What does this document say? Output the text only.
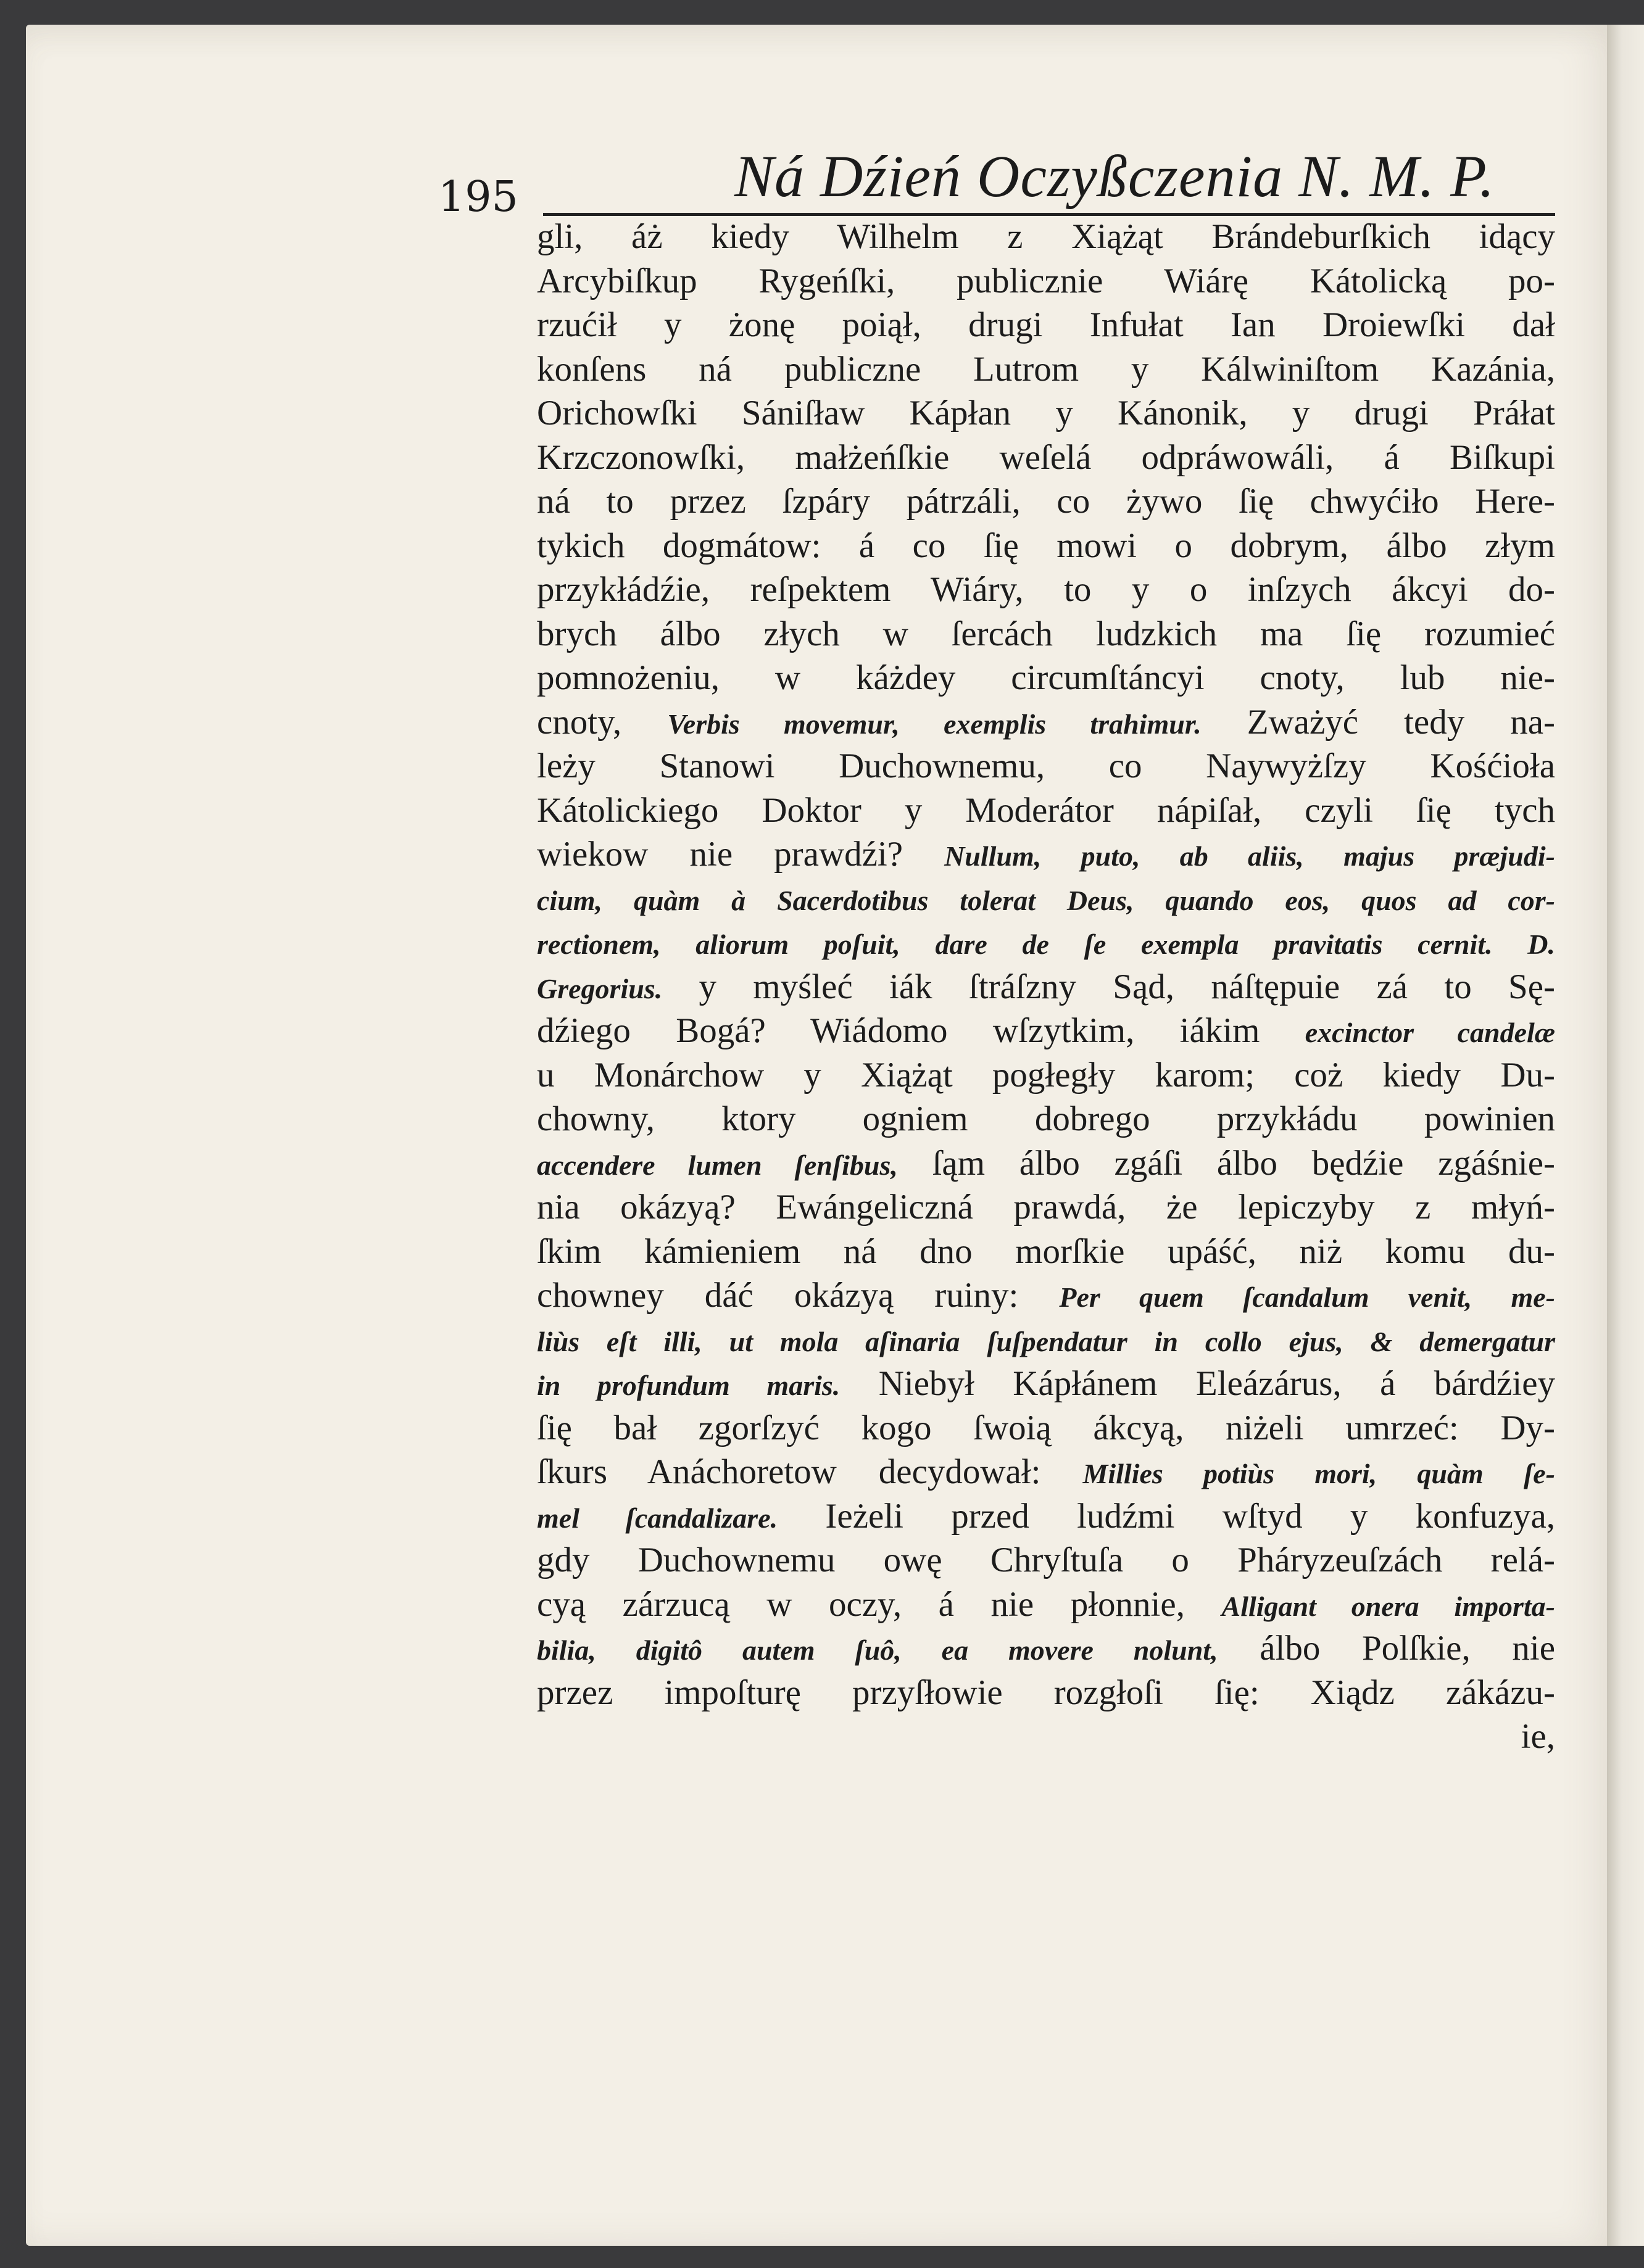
195	Ná Dźień Oczyßczenia N. M. P.
gli, áż kiedy Wilhelm z Xiążąt Brándeburſkich idący
Arcybiſkup Rygeńſki, publicznie Wiárę Kátolicką po-
rzućił y żonę poiął, drugi Infułat Ian Droiewſki dał
konſens ná publiczne Lutrom y Kálwiniſtom Kazánia,
Orichowſki Sániſław Kápłan y Kánonik, y drugi Práłat
Krzczonowſki, małżeńſkie weſelá odpráwowáli, á Biſkupi
ná to przez ſzpáry pátrzáli, co żywo ſię chwyćiło Here-
tykich dogmátow: á co ſię mowi o dobrym, álbo złym
przykłádźie, reſpektem Wiáry, to y o inſzych ákcyi do-
brych álbo złych w ſercách ludzkich ma ſię rozumieć
pomnożeniu, w káżdey circumſtáncyi cnoty, lub nie-
cnoty, Verbis movemur, exemplis trahimur. Zważyć tedy na-
leży Stanowi Duchownemu, co Naywyżſzy Kośćioła
Kátolickiego Doktor y Moderátor nápiſał, czyli ſię tych
wiekow nie prawdźi? Nullum, puto, ab aliis, majus præjudi-
cium, quàm à Sacerdotibus tolerat Deus, quando eos, quos ad cor-
rectionem, aliorum poſuit, dare de ſe exempla pravitatis cernit. D.
Gregorius. y myśleć iák ſtráſzny Sąd, náſtępuie zá to Sę-
dźiego Bogá? Wiádomo wſzytkim, iákim excinctor candelæ
u Monárchow y Xiążąt pogłegły karom; coż kiedy Du-
chowny, ktory ogniem dobrego przykłádu powinien
accendere lumen ſenſibus, ſąm álbo zgáſi álbo będźie zgáśnie-
nia okázyą? Ewángeliczná prawdá, że lepiczyby z młyń-
ſkim kámieniem ná dno morſkie upáść, niż komu du-
chowney dáć okázyą ruiny: Per quem ſcandalum venit, me-
liùs eſt illi, ut mola aſinaria ſuſpendatur in collo ejus, & demergatur
in profundum maris. Niebył Kápłánem Eleázárus, á bárdźiey
ſię bał zgorſzyć kogo ſwoią ákcyą, niżeli umrzeć: Dy-
ſkurs Anáchoretow decydował: Millies potiùs mori, quàm ſe-
mel ſcandalizare. Ieżeli przed ludźmi wſtyd y konfuzya,
gdy Duchownemu owę Chryſtuſa o Pháryzeuſzách relá-
cyą zárzucą w oczy, á nie płonnie, Alligant onera importa-
bilia, digitô autem ſuô, ea movere nolunt, álbo Polſkie, nie
przez impoſturę przyſłowie rozgłoſi ſię: Xiądz zákázu-
ie,
